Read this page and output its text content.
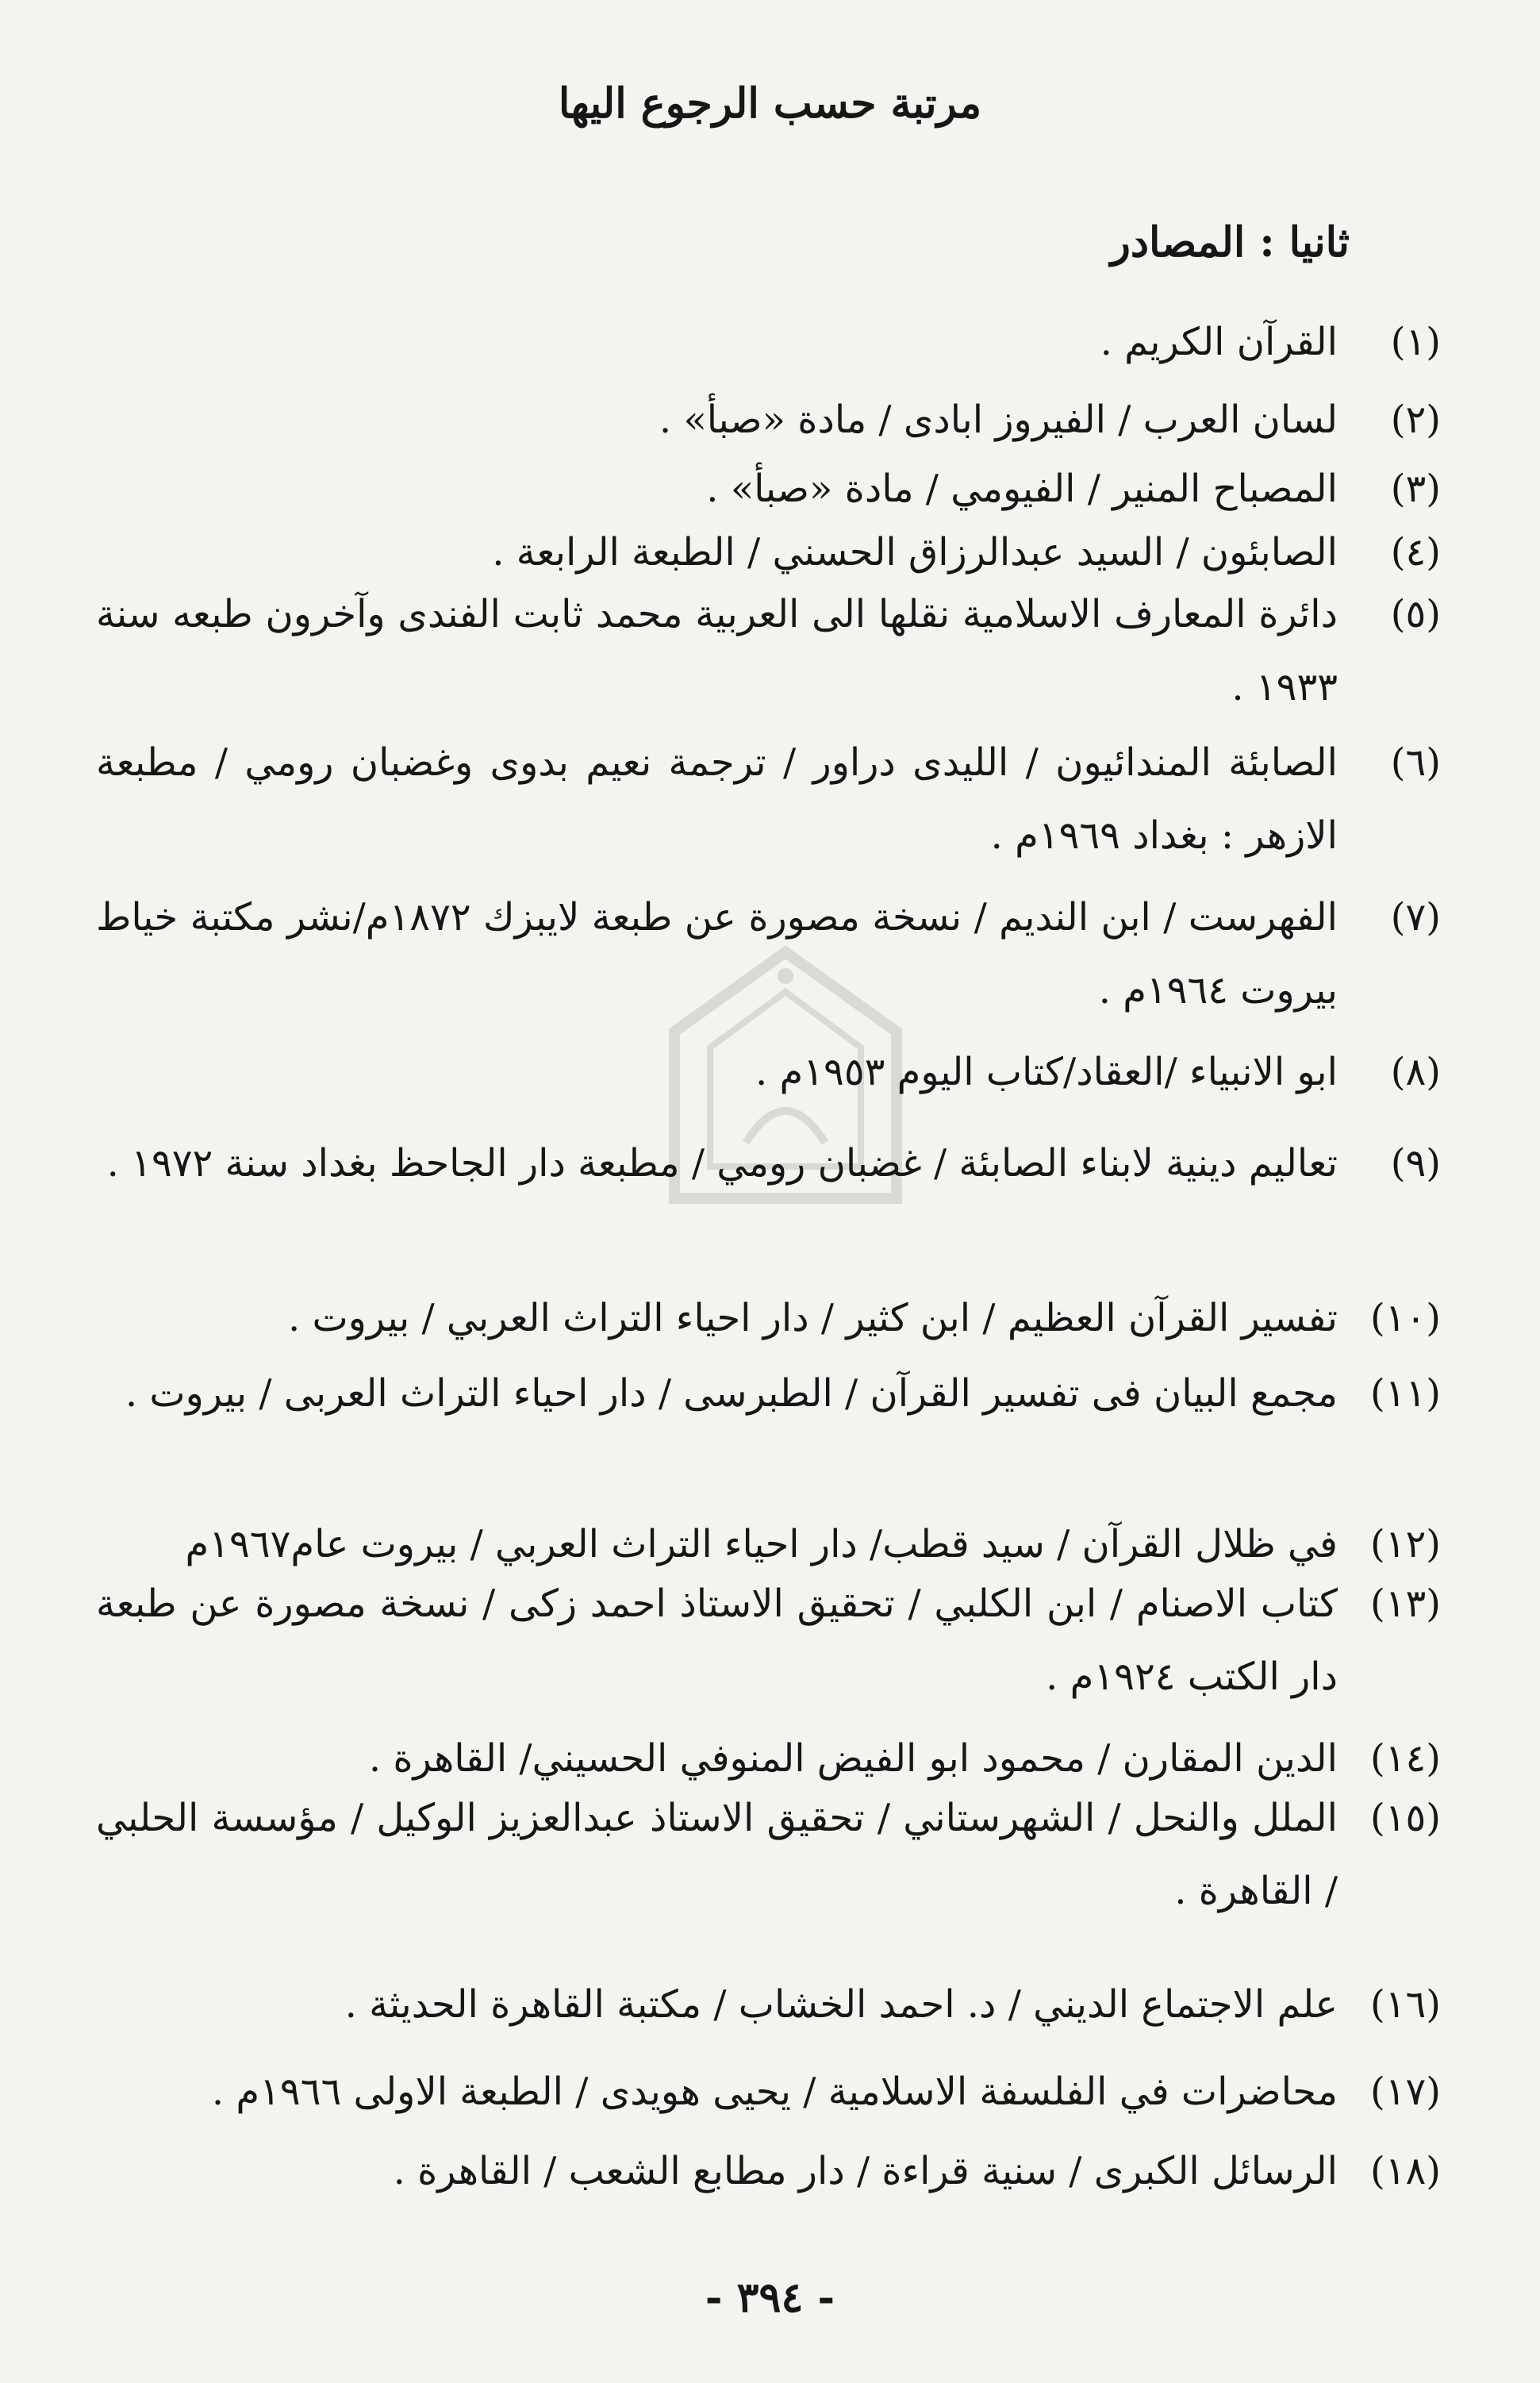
مرتبة حسب الرجوع اليها
ثانيا : المصادر
(١)
القرآن الكريم .
(٢)
لسان العرب / الفيروز ابادى / مادة «صبأ» .
(٣)
المصباح المنير / الفيومي / مادة «صبأ» .
(٤)
الصابئون / السيد عبدالرزاق الحسني / الطبعة الرابعة .
(٥)
دائرة المعارف الاسلامية نقلها الى العربية محمد ثابت الفندى وآخرون طبعه سنة ١٩٣٣ .
(٦)
الصابئة المندائيون / الليدى دراور / ترجمة نعيم بدوى وغضبان رومي / مطبعة الازهر : بغداد ١٩٦٩م .
(٧)
الفهرست / ابن النديم / نسخة مصورة عن طبعة لايبزك ١٨٧٢م/نشر مكتبة خياط بيروت ١٩٦٤م .
(٨)
ابو الانبياء /العقاد/كتاب اليوم ١٩٥٣م .
(٩)
تعاليم دينية لابناء الصابئة / غضبان رومي / مطبعة دار الجاحظ بغداد سنة ١٩٧٢ .
(١٠)
تفسير القرآن العظيم / ابن كثير / دار احياء التراث العربي / بيروت .
(١١)
مجمع البيان فى تفسير القرآن / الطبرسى / دار احياء التراث العربى / بيروت .
(١٢)
في ظلال القرآن / سيد قطب/ دار احياء التراث العربي / بيروت عام١٩٦٧م
(١٣)
كتاب الاصنام / ابن الكلبي / تحقيق الاستاذ احمد زكى / نسخة مصورة عن طبعة دار الكتب ١٩٢٤م .
(١٤)
الدين المقارن / محمود ابو الفيض المنوفي الحسيني/ القاهرة .
(١٥)
الملل والنحل / الشهرستاني / تحقيق الاستاذ عبدالعزيز الوكيل / مؤسسة الحلبي / القاهرة .
(١٦)
علم الاجتماع الديني / د. احمد الخشاب / مكتبة القاهرة الحديثة .
(١٧)
محاضرات في الفلسفة الاسلامية / يحيى هويدى / الطبعة الاولى ١٩٦٦م .
(١٨)
الرسائل الكبرى / سنية قراءة / دار مطابع الشعب / القاهرة .
- ٣٩٤ -
